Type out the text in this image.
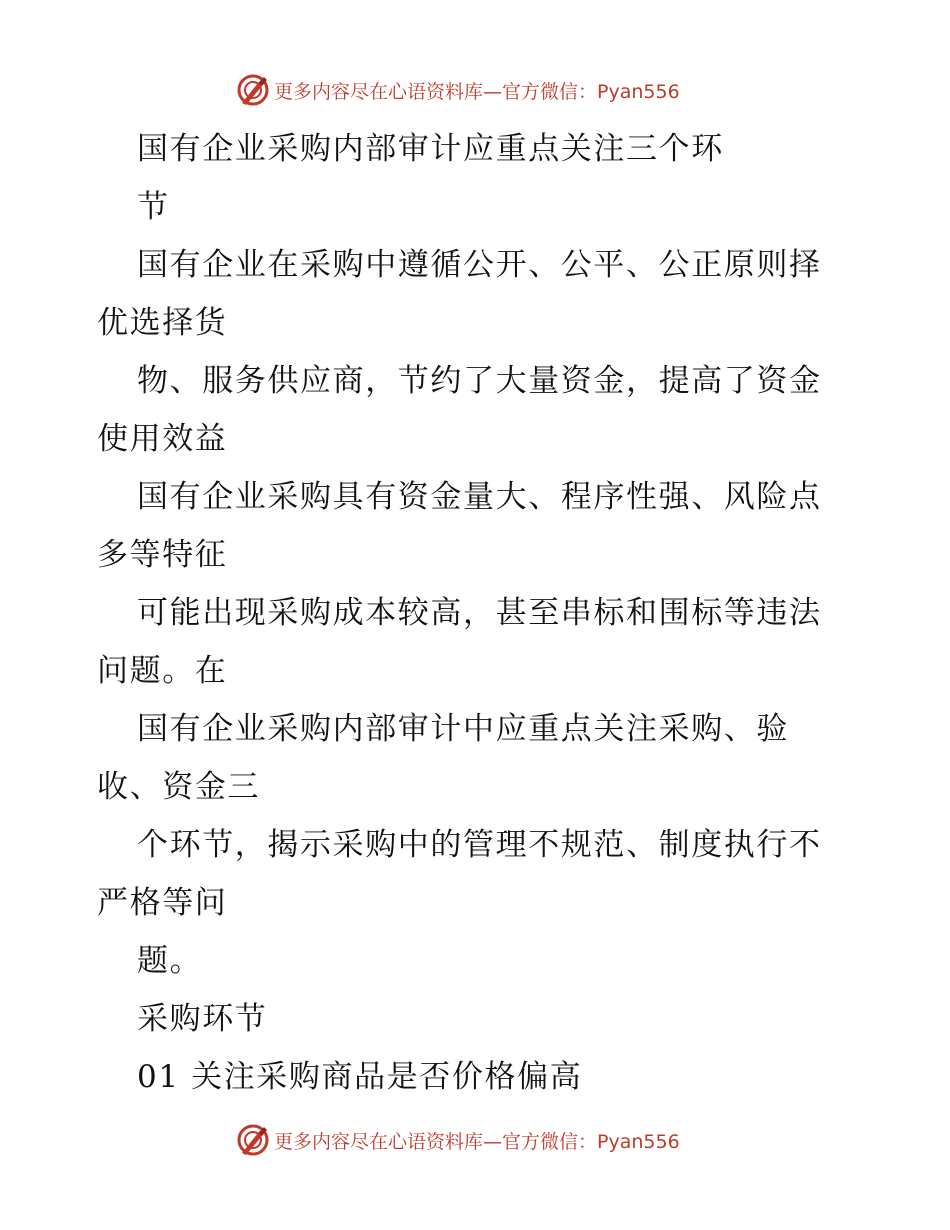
更多内容尽在心语资料库—官方微信：Pyan556
国有企业采购内部审计应重点关注三个环
节
国有企业在采购中遵循公开、公平、公正原则择
优选择货
物、服务供应商，节约了大量资金，提高了资金
使用效益
国有企业采购具有资金量大、程序性强、风险点
多等特征
可能出现采购成本较高，甚至串标和围标等违法
问题。在
国有企业采购内部审计中应重点关注采购、验
收、资金三
个环节，揭示采购中的管理不规范、制度执行不
严格等问
题。
采购环节
01 关注采购商品是否价格偏高
更多内容尽在心语资料库—官方微信：Pyan556
